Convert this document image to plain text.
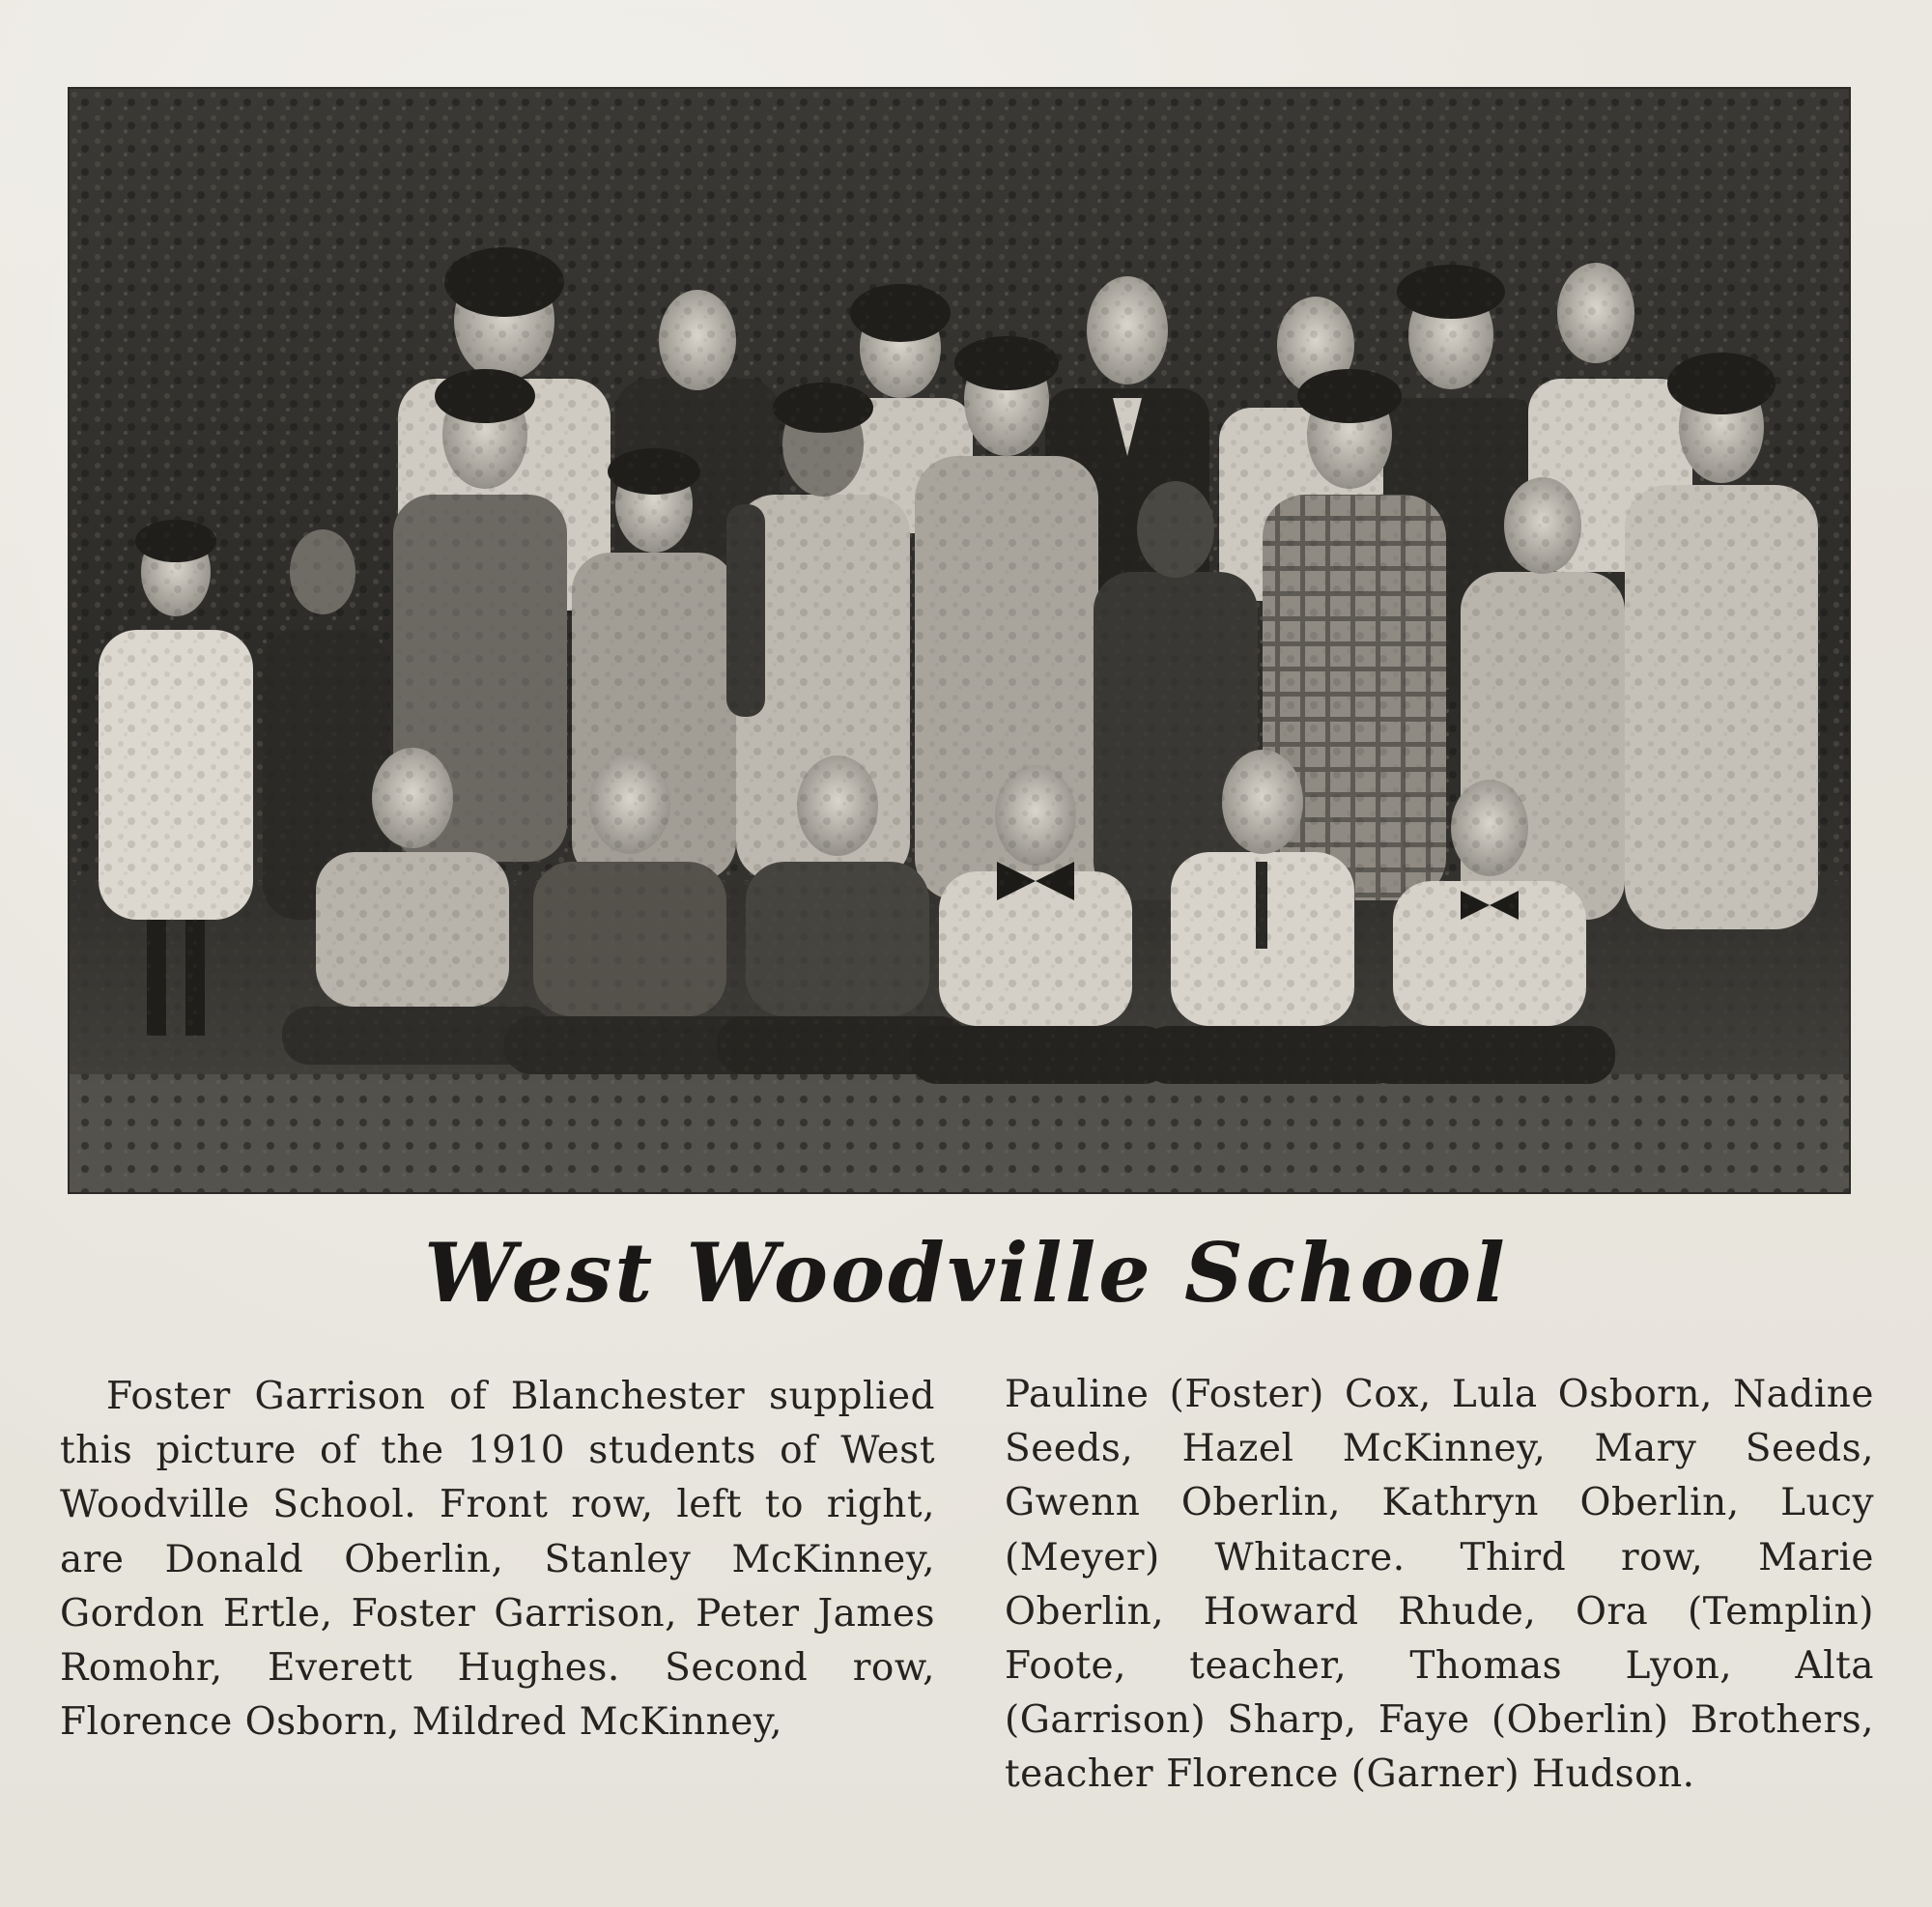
West Woodville School

Foster Garrison of Blanchester supplied this picture of the 1910 students of West Woodville School. Front row, left to right, are Donald Oberlin, Stanley McKinney, Gordon Ertle, Foster Garrison, Peter James Romohr, Everett Hughes. Second row, Florence Osborn, Mildred McKinney,

Pauline (Foster) Cox, Lula Osborn, Nadine Seeds, Hazel McKinney, Mary Seeds, Gwenn Oberlin, Kathryn Oberlin, Lucy (Meyer) Whitacre. Third row, Marie Oberlin, Howard Rhude, Ora (Templin) Foote, teacher, Thomas Lyon, Alta (Garrison) Sharp, Faye (Oberlin) Brothers, teacher Florence (Garner) Hudson.
